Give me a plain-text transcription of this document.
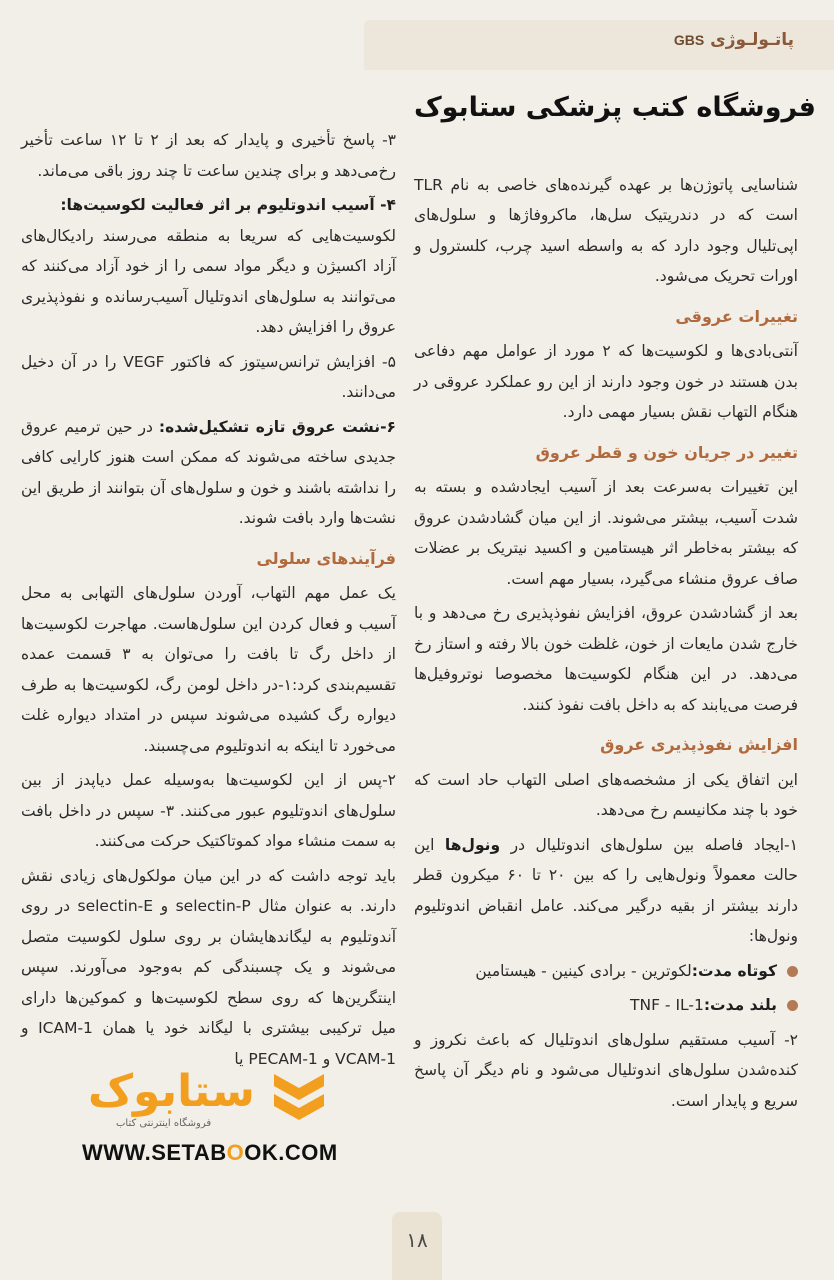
پاتـولـوژی GBS

شناسایی پاتوژن‌ها بر عهده گیرنده‌های خاصی به نام TLR است که در دندریتیک سل‌ها، ماکروفاژها و سلول‌های اپی‌تلیال وجود دارد که به واسطه اسید چرب، کلسترول و اورات تحریک می‌شود.

تغییرات عروقی

آنتی‌بادی‌ها و لکوسیت‌ها که ۲ مورد از عوامل مهم دفاعی بدن هستند در خون وجود دارند از این رو عملکرد عروقی در هنگام التهاب نقش بسیار مهمی دارد.

تغییر در جریان خون و قطر عروق

این تغییرات به‌سرعت بعد از آسیب ایجادشده و بسته به شدت آسیب، بیشتر می‌شوند. از این میان گشادشدن عروق که بیشتر به‌خاطر اثر هیستامین و اکسید نیتریک بر عضلات صاف عروق منشاء می‌گیرد، بسیار مهم است.

بعد از گشادشدن عروق، افزایش نفوذپذیری رخ می‌دهد و با خارج شدن مایعات از خون، غلظت خون بالا رفته و استاز رخ می‌دهد. در این هنگام لکوسیت‌ها مخصوصا نوتروفیل‌ها فرصت می‌یابند که به داخل بافت نفوذ کنند.

افزایش نفوذپذیری عروق

این اتفاق یکی از مشخصه‌های اصلی التهاب حاد است که خود با چند مکانیسم رخ می‌دهد.

۱-ایجاد فاصله بین سلول‌های اندوتلیال در ونول‌ها این حالت معمولاً ونول‌هایی را که بین ۲۰ تا ۶۰ میکرون قطر دارند بیشتر از بقیه درگیر می‌کند. عامل انقباض اندوتلیوم ونول‌ها:

کوتاه مدت:لکوترین - برادی کینین - هیستامین
بلند مدت:TNF - IL-1

۲- آسیب مستقیم سلول‌های اندوتلیال که باعث نکروز و کنده‌شدن سلول‌های اندوتلیال می‌شود و نام دیگر آن پاسخ سریع و پایدار است.

۳- پاسخ تأخیری و پایدار که بعد از ۲ تا ۱۲ ساعت تأخیر رخ‌می‌دهد و برای چندین ساعت تا چند روز باقی می‌ماند.

۴- آسیب اندوتلیوم بر اثر فعالیت لکوسیت‌ها:

لکوسیت‌هایی که سریعا به منطقه می‌رسند رادیکال‌های آزاد اکسیژن و دیگر مواد سمی را از خود آزاد می‌کنند که می‌توانند به سلول‌های اندوتلیال آسیب‌رسانده و نفوذپذیری عروق را افزایش دهد.

۵- افزایش ترانس‌سیتوز که فاکتور VEGF را در آن دخیل می‌دانند.

۶-نشت عروق تازه تشکیل‌شده: در حین ترمیم عروق جدیدی ساخته می‌شوند که ممکن است هنوز کارایی کافی را نداشته باشند و خون و سلول‌های آن بتوانند از طریق این نشت‌ها وارد بافت شوند.

فرآیندهای سلولی

یک عمل مهم التهاب، آوردن سلول‌های التهابی به محل آسیب و فعال کردن این سلول‌هاست. مهاجرت لکوسیت‌ها از داخل رگ تا بافت را می‌توان به ۳ قسمت عمده تقسیم‌بندی کرد:۱-در داخل لومن رگ، لکوسیت‌ها به طرف دیواره رگ کشیده می‌شوند سپس در امتداد دیواره غلت می‌خورد تا اینکه به اندوتلیوم می‌چسبند.

۲-پس از این لکوسیت‌ها به‌وسیله عمل دیاپدز از بین سلول‌های اندوتلیوم عبور می‌کنند. ۳- سپس در داخل بافت به سمت منشاء مواد کموتاکتیک حرکت می‌کنند.

باید توجه داشت که در این میان مولکول‌های زیادی نقش دارند. به عنوان مثال selectin-P و selectin-E در روی آندوتلیوم به لیگاندهایشان بر روی سلول لکوسیت متصل می‌شوند و یک چسبندگی کم به‌وجود می‌آورند. سپس اینتگرین‌ها که روی سطح لکوسیت‌ها و کموکین‌ها دارای میل ترکیبی بیشتری با لیگاند خود یا همان ICAM-1 و VCAM-1 و PECAM-1 یا

فروشگاه کتب پزشکی ستابوک
ستابوک
فروشگاه اینترنتی کتاب
WWW.SETABOOK.COM
۱۸
